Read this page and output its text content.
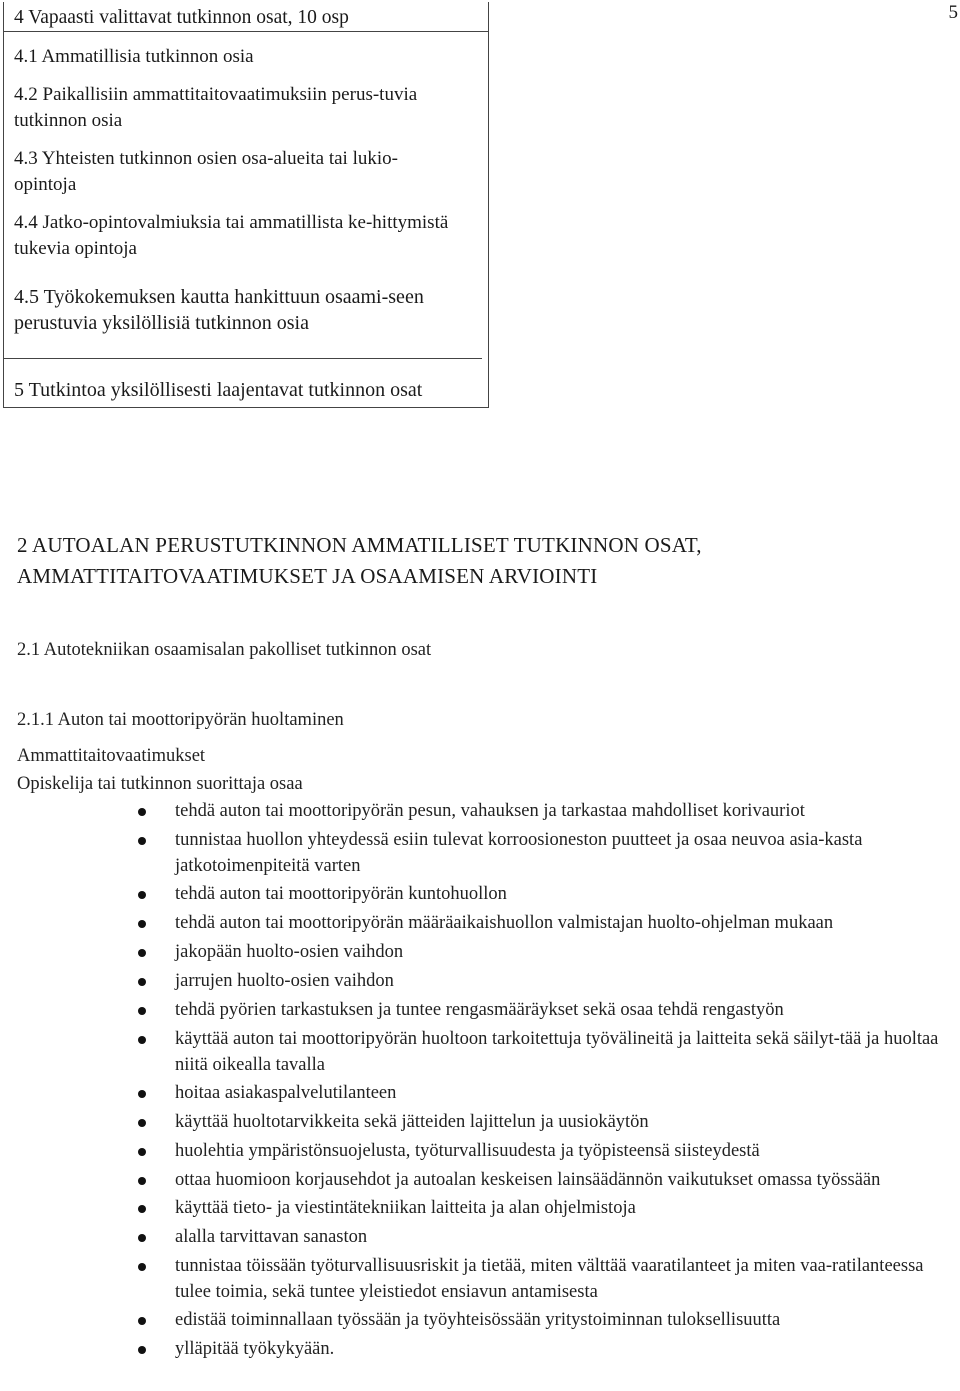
5
4 Vapaasti valittavat tutkinnon osat, 10 osp
4.1 Ammatillisia tutkinnon osia
4.2 Paikallisiin ammattitaitovaatimuksiin perus-tuvia tutkinnon osia
4.3 Yhteisten tutkinnon osien osa-alueita tai lukio-opintoja
4.4 Jatko-opintovalmiuksia tai ammatillista ke-hittymistä tukevia opintoja
4.5 Työkokemuksen kautta hankittuun osaami-seen perustuvia yksilöllisiä tutkinnon osia
5 Tutkintoa yksilöllisesti laajentavat tutkinnon osat
2 AUTOALAN PERUSTUTKINNON AMMATILLISET TUTKINNON OSAT,
AMMATTITAITOVAATIMUKSET JA OSAAMISEN ARVIOINTI
2.1 Autotekniikan osaamisalan pakolliset tutkinnon osat
2.1.1 Auton tai moottoripyörän huoltaminen
Ammattitaitovaatimukset
Opiskelija tai tutkinnon suorittaja osaa
tehdä auton tai moottoripyörän pesun, vahauksen ja tarkastaa mahdolliset korivauriot
tunnistaa huollon yhteydessä esiin tulevat korroosioneston puutteet ja osaa neuvoa asia-kasta jatkotoimenpiteitä varten
tehdä auton tai moottoripyörän kuntohuollon
tehdä auton tai moottoripyörän määräaikaishuollon valmistajan huolto-ohjelman mukaan
jakopään huolto-osien vaihdon
jarrujen huolto-osien vaihdon
tehdä pyörien tarkastuksen ja tuntee rengasmääräykset sekä osaa tehdä rengastyön
käyttää auton tai moottoripyörän huoltoon tarkoitettuja työvälineitä ja laitteita sekä säilyt-tää ja huoltaa niitä oikealla tavalla
hoitaa asiakaspalvelutilanteen
käyttää huoltotarvikkeita sekä jätteiden lajittelun ja uusiokäytön
huolehtia ympäristönsuojelusta, työturvallisuudesta ja työpisteensä siisteydestä
ottaa huomioon korjausehdot ja autoalan keskeisen lainsäädännön vaikutukset omassa työssään
käyttää tieto- ja viestintätekniikan laitteita ja alan ohjelmistoja
alalla tarvittavan sanaston
tunnistaa töissään työturvallisuusriskit ja tietää, miten välttää vaaratilanteet ja miten vaa-ratilanteessa tulee toimia, sekä tuntee yleistiedot ensiavun antamisesta
edistää toiminnallaan työssään ja työyhteisössään yritystoiminnan tuloksellisuutta
ylläpitää työkykyään.
